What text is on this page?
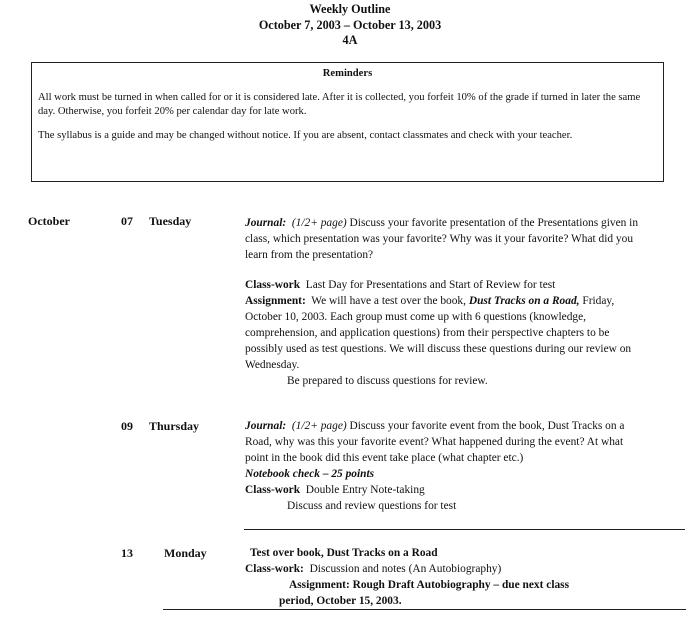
Weekly Outline
October 7, 2003 – October 13, 2003
4A
Reminders

All work must be turned in when called for or it is considered late. After it is collected, you forfeit 10% of the grade if turned in later the same day. Otherwise, you forfeit 20% per calendar day for late work.

The syllabus is a guide and may be changed without notice. If you are absent, contact classmates and check with your teacher.

October	07 Tuesday	Journal: (1/2+ page) Discuss your favorite presentation of the Presentations given in class, which presentation was your favorite? Why was it your favorite? What did you learn from the presentation?

Class-work Last Day for Presentations and Start of Review for test

Assignment: We will have a test over the book, Dust Tracks on a Road, Friday, October 10, 2003. Each group must come up with 6 questions (knowledge, comprehension, and application questions) from their perspective chapters to be possibly used as test questions. We will discuss these questions during our review on Wednesday.

Be prepared to discuss questions for review.

09 Thursday	Journal: (1/2+ page) Discuss your favorite event from the book, Dust Tracks on a Road, why was this your favorite event? What happened during the event? At what point in the book did this event take place (what chapter etc.)

Notebook check – 25 points

Class-work Double Entry Note-taking

Discuss and review questions for test

13	Monday	Test over book, Dust Tracks on a Road

Class-work: Discussion and notes (An Autobiography)

Assignment: Rough Draft Autobiography – due next class

period, October 15, 2003.
